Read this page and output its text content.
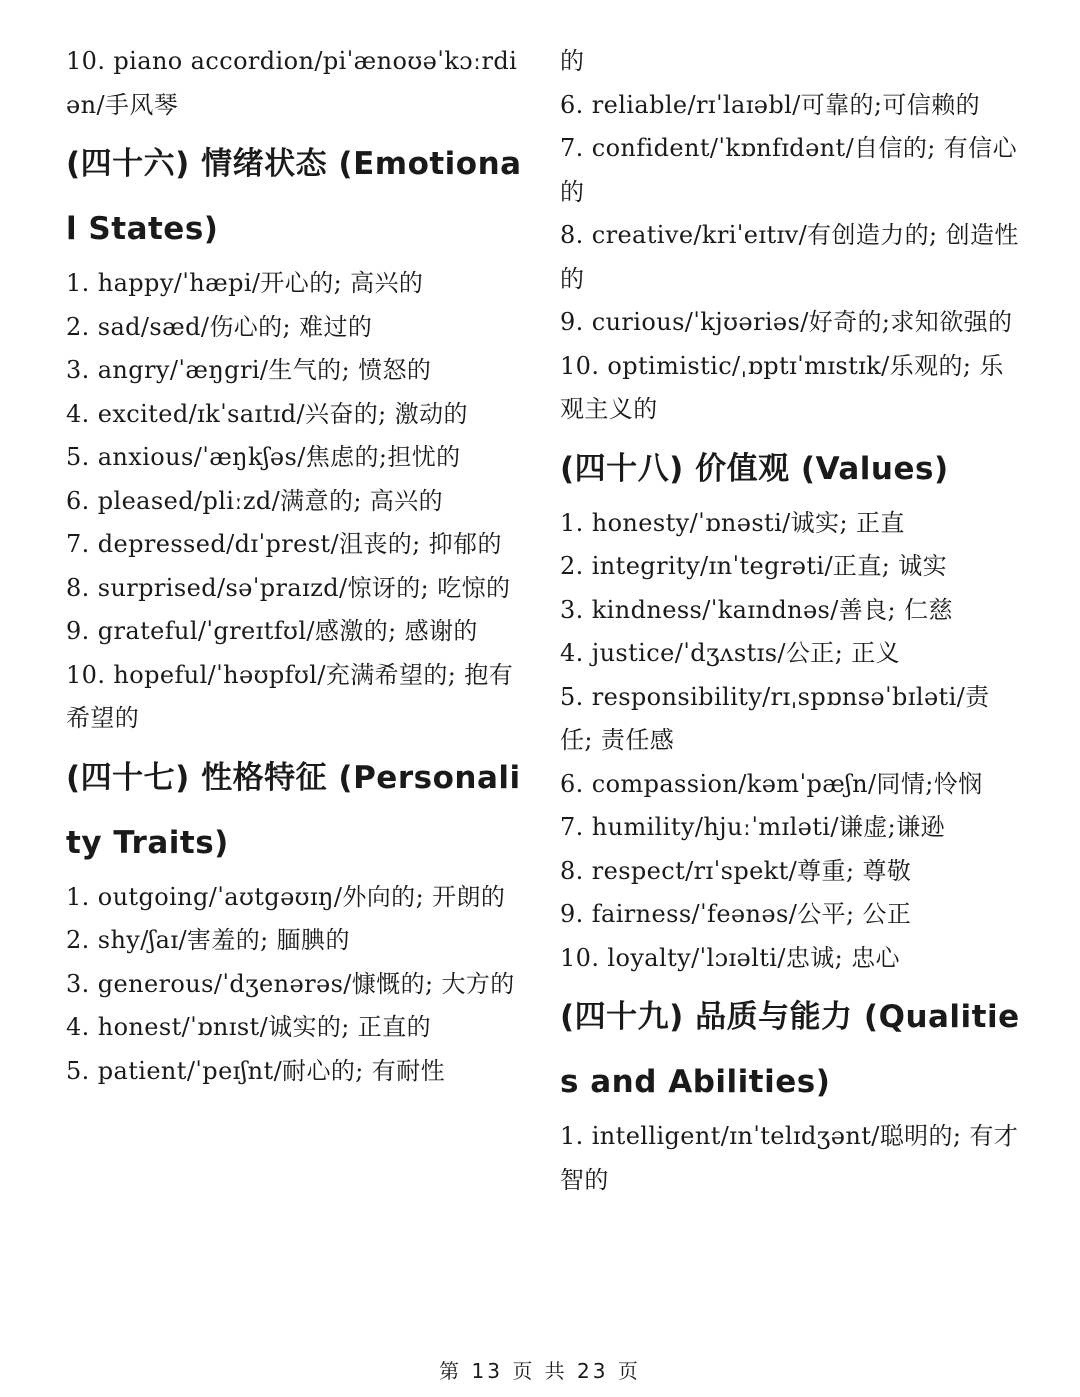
10. piano accordion/piˈænoʊəˈkɔːrdiən/手风琴

(四十六) 情绪状态 (Emotional States)

1. happy/ˈhæpi/开心的; 高兴的

2. sad/sæd/伤心的; 难过的

3. angry/ˈæŋgri/生气的; 愤怒的

4. excited/ɪkˈsaɪtɪd/兴奋的; 激动的

5. anxious/ˈæŋkʃəs/焦虑的;担忧的

6. pleased/pliːzd/满意的; 高兴的

7. depressed/dɪˈprest/沮丧的; 抑郁的

8. surprised/səˈpraɪzd/惊讶的; 吃惊的

9. grateful/ˈgreɪtfʊl/感激的; 感谢的

10. hopeful/ˈhəʊpfʊl/充满希望的; 抱有希望的

(四十七) 性格特征 (Personality Traits)

1. outgoing/ˈaʊtgəʊɪŋ/外向的; 开朗的

2. shy/ʃaɪ/害羞的; 腼腆的

3. generous/ˈdʒenərəs/慷慨的; 大方的

4. honest/ˈɒnɪst/诚实的; 正直的

5. patient/ˈpeɪʃnt/耐心的; 有耐性

的

6. reliable/rɪˈlaɪəbl/可靠的;可信赖的

7. confident/ˈkɒnfɪdənt/自信的; 有信心的

8. creative/kriˈeɪtɪv/有创造力的; 创造性的

9. curious/ˈkjʊəriəs/好奇的;求知欲强的

10. optimistic/ˌɒptɪˈmɪstɪk/乐观的; 乐观主义的

(四十八) 价值观 (Values)

1. honesty/ˈɒnəsti/诚实; 正直

2. integrity/ɪnˈtegrəti/正直; 诚实

3. kindness/ˈkaɪndnəs/善良; 仁慈

4. justice/ˈdʒʌstɪs/公正; 正义

5. responsibility/rɪˌspɒnsəˈbɪləti/责任; 责任感

6. compassion/kəmˈpæʃn/同情;怜悯

7. humility/hjuːˈmɪləti/谦虚;谦逊

8. respect/rɪˈspekt/尊重; 尊敬

9. fairness/ˈfeənəs/公平; 公正

10. loyalty/ˈlɔɪəlti/忠诚; 忠心

(四十九) 品质与能力 (Qualities and Abilities)

1. intelligent/ɪnˈtelɪdʒənt/聪明的; 有才智的

第 13 页 共 23 页
